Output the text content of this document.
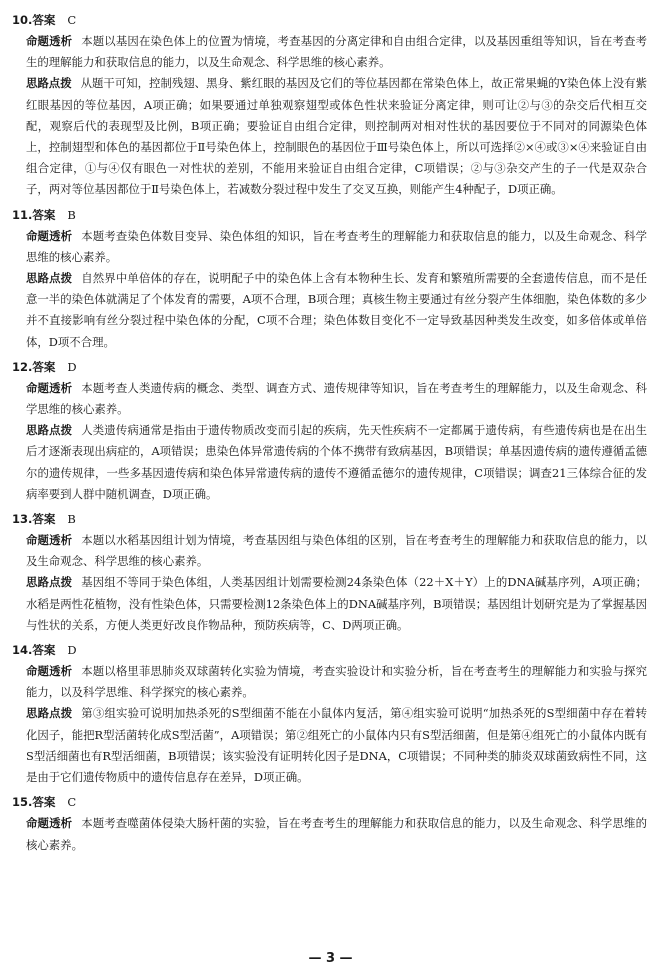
10.答案 C

命题透析 本题以基因在染色体上的位置为情境，考查基因的分离定律和自由组合定律，以及基因重组等知识，旨在考查考生的理解能力和获取信息的能力，以及生命观念、科学思维的核心素养。

思路点拨 从题干可知，控制残翅、黑身、紫红眼的基因及它们的等位基因都在常染色体上，故正常果蝇的Y染色体上没有紫红眼基因的等位基因，A项正确；如果要通过单独观察翅型或体色性状来验证分离定律，则可让②与③的杂交后代相互交配，观察后代的表现型及比例，B项正确；要验证自由组合定律，则控制两对相对性状的基因要位于不同对的同源染色体上，控制翅型和体色的基因都位于Ⅱ号染色体上，控制眼色的基因位于Ⅲ号染色体上，所以可选择②×④或③×④来验证自由组合定律，①与④仅有眼色一对性状的差别，不能用来验证自由组合定律，C项错误；②与③杂交产生的子一代是双杂合子，两对等位基因都位于Ⅱ号染色体上，若减数分裂过程中发生了交叉互换，则能产生4种配子，D项正确。

11.答案 B

命题透析 本题考查染色体数目变异、染色体组的知识，旨在考查考生的理解能力和获取信息的能力，以及生命观念、科学思维的核心素养。

思路点拨 自然界中单倍体的存在，说明配子中的染色体上含有本物种生长、发育和繁殖所需要的全套遗传信息，而不是任意一半的染色体就满足了个体发育的需要，A项不合理，B项合理；真核生物主要通过有丝分裂产生体细胞，染色体数的多少并不直接影响有丝分裂过程中染色体的分配，C项不合理；染色体数目变化不一定导致基因种类发生改变，如多倍体或单倍体，D项不合理。

12.答案 D

命题透析 本题考查人类遗传病的概念、类型、调查方式、遗传规律等知识，旨在考查考生的理解能力，以及生命观念、科学思维的核心素养。

思路点拨 人类遗传病通常是指由于遗传物质改变而引起的疾病，先天性疾病不一定都属于遗传病，有些遗传病也是在出生后才逐渐表现出病症的，A项错误；患染色体异常遗传病的个体不携带有致病基因，B项错误；单基因遗传病的遗传遵循孟德尔的遗传规律，一些多基因遗传病和染色体异常遗传病的遗传不遵循孟德尔的遗传规律，C项错误；调查21三体综合征的发病率要到人群中随机调查，D项正确。

13.答案 B

命题透析 本题以水稻基因组计划为情境，考查基因组与染色体组的区别，旨在考查考生的理解能力和获取信息的能力，以及生命观念、科学思维的核心素养。

思路点拨 基因组不等同于染色体组，人类基因组计划需要检测24条染色体（22＋X＋Y）上的DNA碱基序列，A项正确；水稻是两性花植物，没有性染色体，只需要检测12条染色体上的DNA碱基序列，B项错误；基因组计划研究是为了掌握基因与性状的关系，方便人类更好改良作物品种，预防疾病等，C、D两项正确。

14.答案 D

命题透析 本题以格里菲思肺炎双球菌转化实验为情境，考查实验设计和实验分析，旨在考查考生的理解能力和实验与探究能力，以及科学思维、科学探究的核心素养。

思路点拨 第③组实验可说明加热杀死的S型细菌不能在小鼠体内复活，第④组实验可说明“加热杀死的S型细菌中存在着转化因子，能把R型活菌转化成S型活菌”，A项错误；第②组死亡的小鼠体内只有S型活细菌，但是第④组死亡的小鼠体内既有S型活细菌也有R型活细菌，B项错误；该实验没有证明转化因子是DNA，C项错误；不同种类的肺炎双球菌致病性不同，这是由于它们遗传物质中的遗传信息存在差异，D项正确。

15.答案 C

命题透析 本题考查噬菌体侵染大肠杆菌的实验，旨在考查考生的理解能力和获取信息的能力，以及生命观念、科学思维的核心素养。

— 3 —
